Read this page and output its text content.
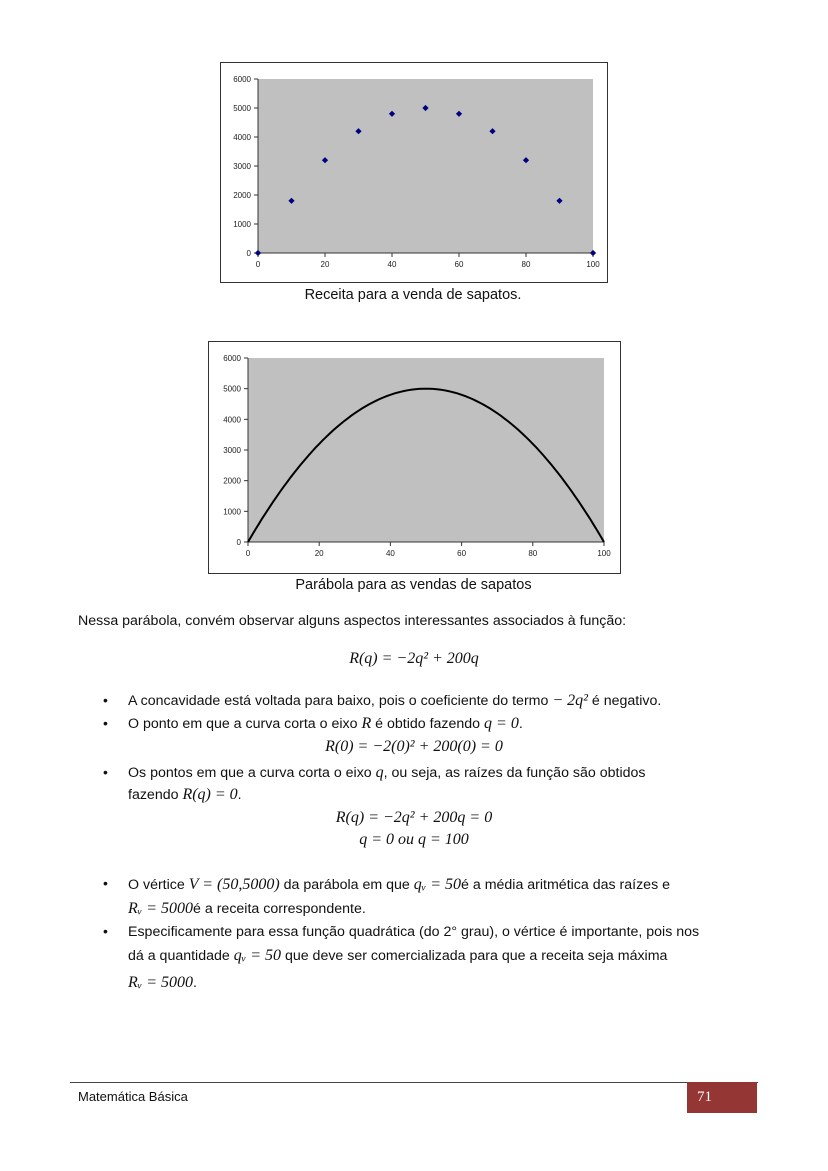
0
1000
2000
3000
4000
5000
6000
0	20	40	60	80	100
Receita para a venda de sapatos.
0
1000
2000
3000
4000
5000
6000
0	20	40	60	80	100
Parábola para as vendas de sapatos
Nessa parábola, convém observar alguns aspectos interessantes associados à função:
R(q) = −2q² + 200q
• A concavidade está voltada para baixo, pois o coeficiente do termo − 2q² é negativo.
• O ponto em que a curva corta o eixo R é obtido fazendo q = 0.
R(0) = −2(0)² + 200(0) = 0
• Os pontos em que a curva corta o eixo q, ou seja, as raízes da função são obtidos
fazendo R(q) = 0.
R(q) = −2q² + 200q = 0
q = 0 ou q = 100
• O vértice V = (50,5000) da parábola em que qᵥ = 50é a média aritmética das raízes e
Rᵥ = 5000é a receita correspondente.
• Especificamente para essa função quadrática (do 2° grau), o vértice é importante, pois nos
dá a quantidade qᵥ = 50 que deve ser comercializada para que a receita seja máxima
Rᵥ = 5000.
Matemática Básica	71
